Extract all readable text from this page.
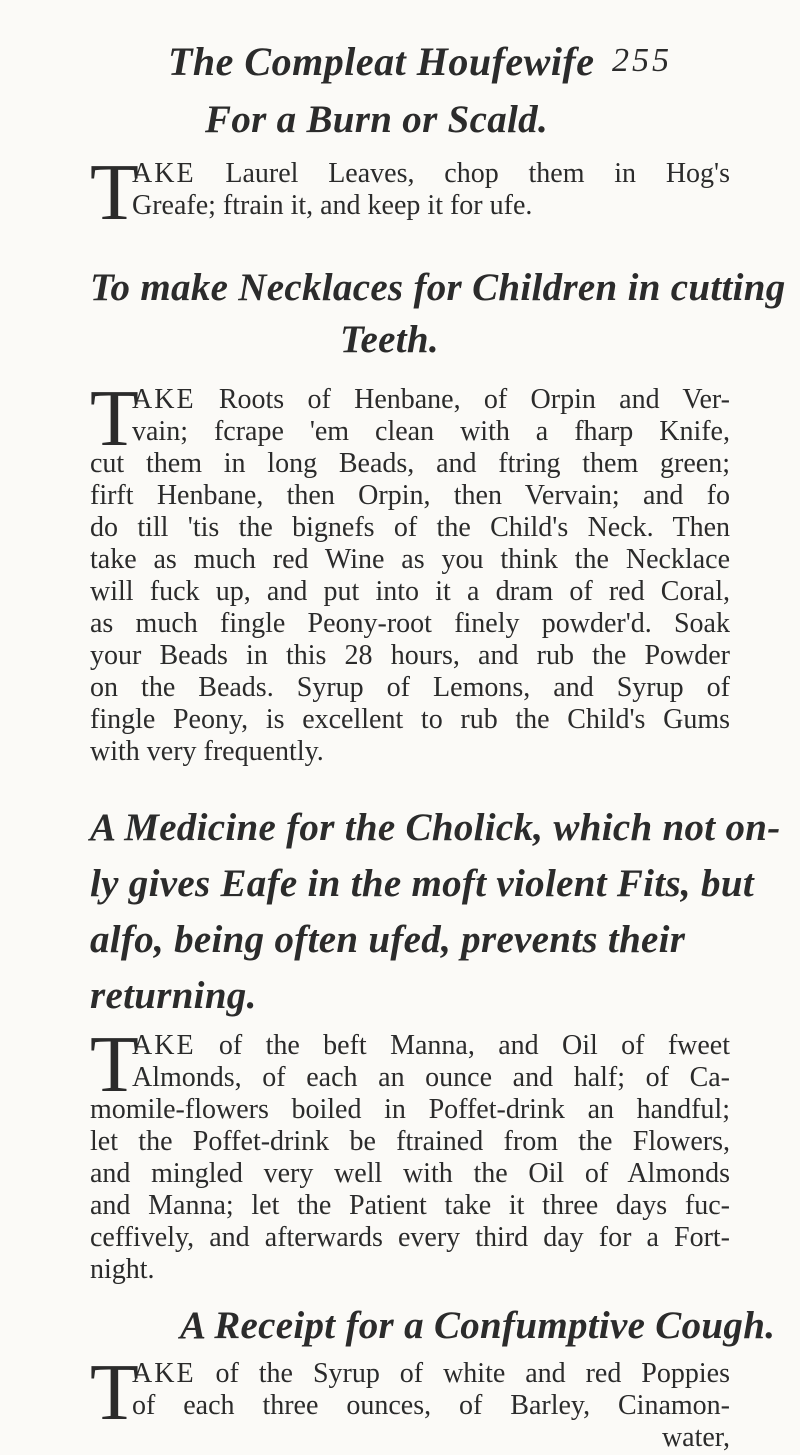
The Compleat Houfewife 255
For a Burn or Scald.
T
AKE Laurel Leaves, chop them in Hog's
Greafe; ftrain it, and keep it for ufe.
To make Necklaces for Children in cutting
Teeth.
T
AKE Roots of Henbane, of Orpin and Ver-
vain; fcrape 'em clean with a fharp Knife,
cut them in long Beads, and ftring them green;
firft Henbane, then Orpin, then Vervain; and fo
do till 'tis the bignefs of the Child's Neck. Then
take as much red Wine as you think the Necklace
will fuck up, and put into it a dram of red Coral,
as much fingle Peony-root finely powder'd. Soak
your Beads in this 28 hours, and rub the Powder
on the Beads. Syrup of Lemons, and Syrup of
fingle Peony, is excellent to rub the Child's Gums
with very frequently.
A Medicine for the Cholick, which not on-
ly gives Eafe in the moft violent Fits, but
alfo, being often ufed, prevents their
returning.
T
AKE of the beft Manna, and Oil of fweet
Almonds, of each an ounce and half; of Ca-
momile-flowers boiled in Poffet-drink an handful;
let the Poffet-drink be ftrained from the Flowers,
and mingled very well with the Oil of Almonds
and Manna; let the Patient take it three days fuc-
ceffively, and afterwards every third day for a Fort-
night.
A Receipt for a Confumptive Cough.
T
AKE of the Syrup of white and red Poppies
of each three ounces, of Barley, Cinamon-
water,
